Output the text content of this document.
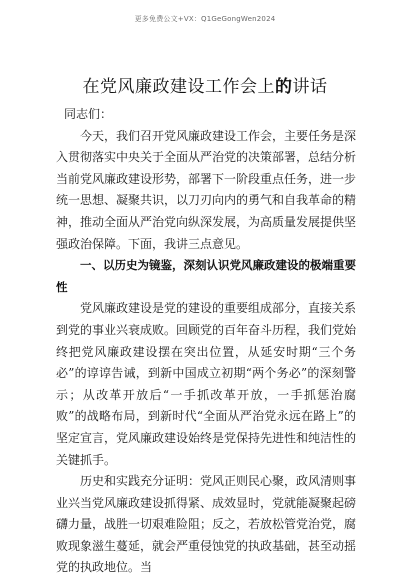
更多免费公文+VX：Q1GeGongWen2024
在党风廉政建设工作会上的讲话

同志们：

今天，我们召开党风廉政建设工作会，主要任务是深入贯彻落实中央关于全面从严治党的决策部署，总结分析当前党风廉政建设形势，部署下一阶段重点任务，进一步统一思想、凝聚共识，以刀刃向内的勇气和自我革命的精神，推动全面从严治党向纵深发展，为高质量发展提供坚强政治保障。下面，我讲三点意见。

一、以历史为镜鉴，深刻认识党风廉政建设的极端重要性

党风廉政建设是党的建设的重要组成部分，直接关系到党的事业兴衰成败。回顾党的百年奋斗历程，我们党始终把党风廉政建设摆在突出位置，从延安时期“三个务必”的谆谆告诫，到新中国成立初期“两个务必”的深刻警示；从改革开放后“一手抓改革开放，一手抓惩治腐败”的战略布局，到新时代“全面从严治党永远在路上”的坚定宣言，党风廉政建设始终是党保持先进性和纯洁性的关键抓手。

历史和实践充分证明：党风正则民心聚，政风清则事业兴当党风廉政建设抓得紧、成效显时，党就能凝聚起磅礴力量，战胜一切艰难险阻；反之，若放松管党治党，腐败现象滋生蔓延，就会严重侵蚀党的执政基础，甚至动摇党的执政地位。当
